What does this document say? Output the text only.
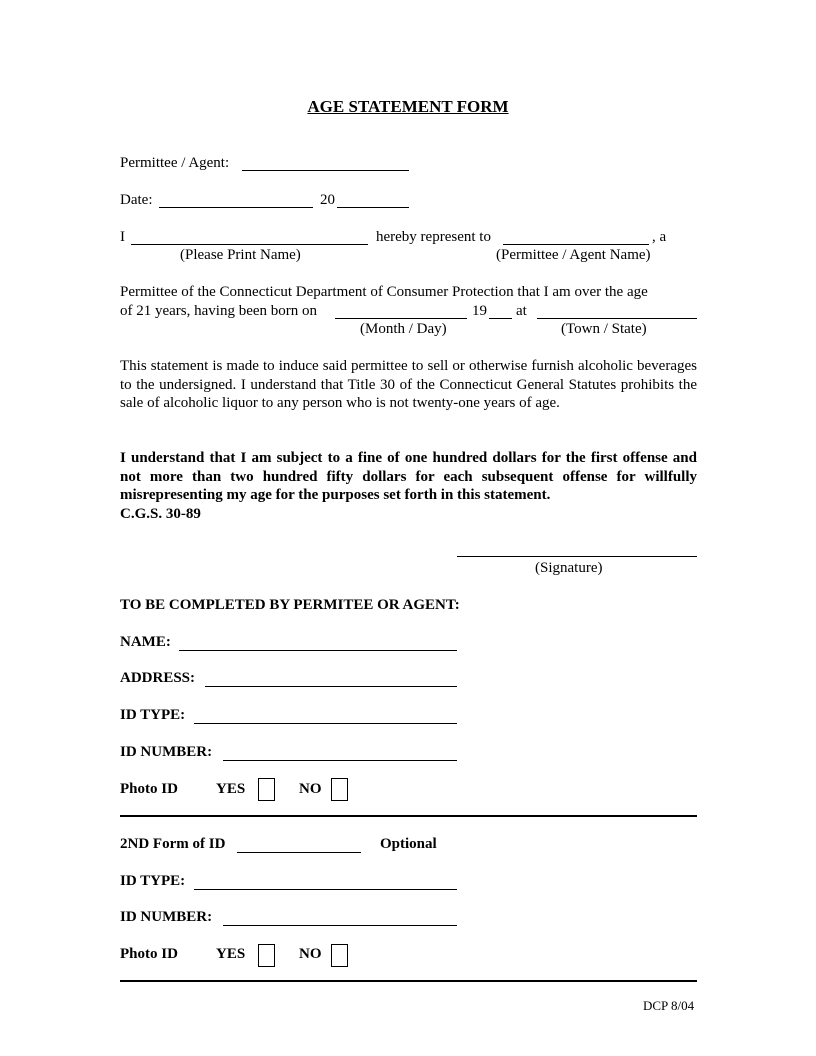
AGE STATEMENT FORM
Permittee / Agent:
Date:	20
I	hereby represent to	, a
(Please Print Name)	(Permittee / Agent Name)
Permittee of the Connecticut Department of Consumer Protection that I am over the age
of 21 years, having been born on	19 at
(Month / Day)	(Town / State)
This statement is made to induce said permittee to sell or otherwise furnish alcoholic beverages to the undersigned. I understand that Title 30 of the Connecticut General Statutes prohibits the sale of alcoholic liquor to any person who is not twenty-one years of age.
I understand that I am subject to a fine of one hundred dollars for the first offense and not more than two hundred fifty dollars for each subsequent offense for willfully misrepresenting my age for the purposes set forth in this statement.
C.G.S. 30-89
(Signature)
TO BE COMPLETED BY PERMITEE OR AGENT:
NAME:
ADDRESS:
ID TYPE:
ID NUMBER:
Photo ID	YES	NO
2ND Form of ID	Optional
ID TYPE:
ID NUMBER:
Photo ID	YES	NO
DCP 8/04
